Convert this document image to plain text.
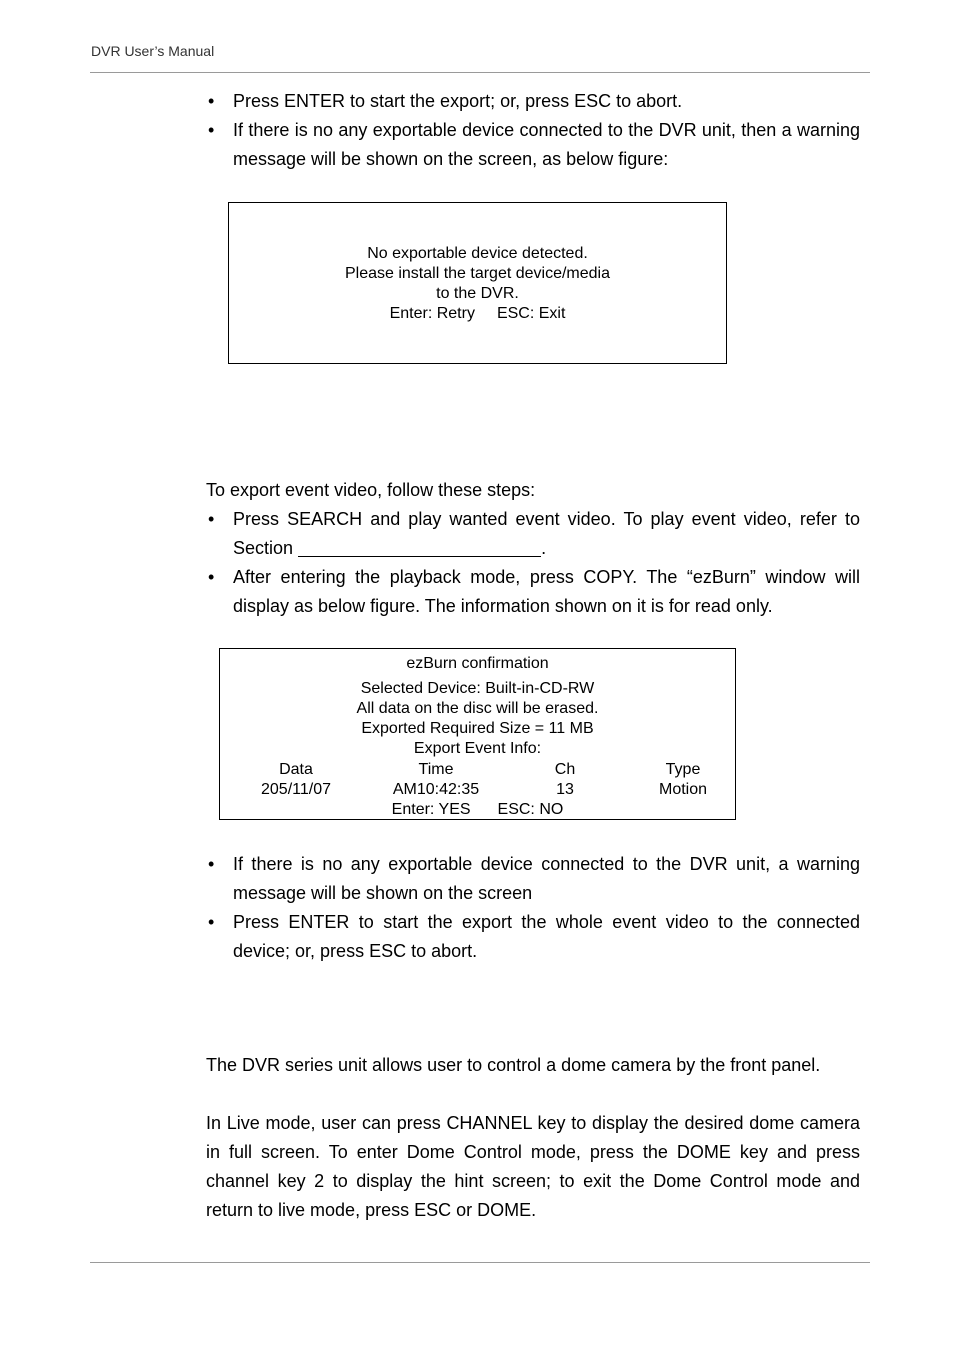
DVR User’s Manual
• Press ENTER to start the export; or, press ESC to abort.
• If there is no any exportable device connected to the DVR unit, then a warning message will be shown on the screen, as below figure:
No exportable device detected.
Please install the target device/media
to the DVR.
Enter: Retry ESC: Exit

To export event video, follow these steps:

• Press SEARCH and play wanted event video. To play event video, refer to Section	.
• After entering the playback mode, press COPY. The “ezBurn” window will display as below figure. The information shown on it is for read only.
ezBurn confirmation
Selected Device: Built-in-CD-RW
All data on the disc will be erased.
Exported Required Size = 11 MB
Export Event Info:
Data	Time	Ch	Type
205/11/07	AM10:42:35	13	Motion
Enter: YES ESC: NO
• If there is no any exportable device connected to the DVR unit, a warning message will be shown on the screen
• Press ENTER to start the export the whole event video to the connected device; or, press ESC to abort.

The DVR series unit allows user to control a dome camera by the front panel.

In Live mode, user can press CHANNEL key to display the desired dome camera in full screen. To enter Dome Control mode, press the DOME key and press channel key 2 to display the hint screen; to exit the Dome Control mode and return to live mode, press ESC or DOME.
